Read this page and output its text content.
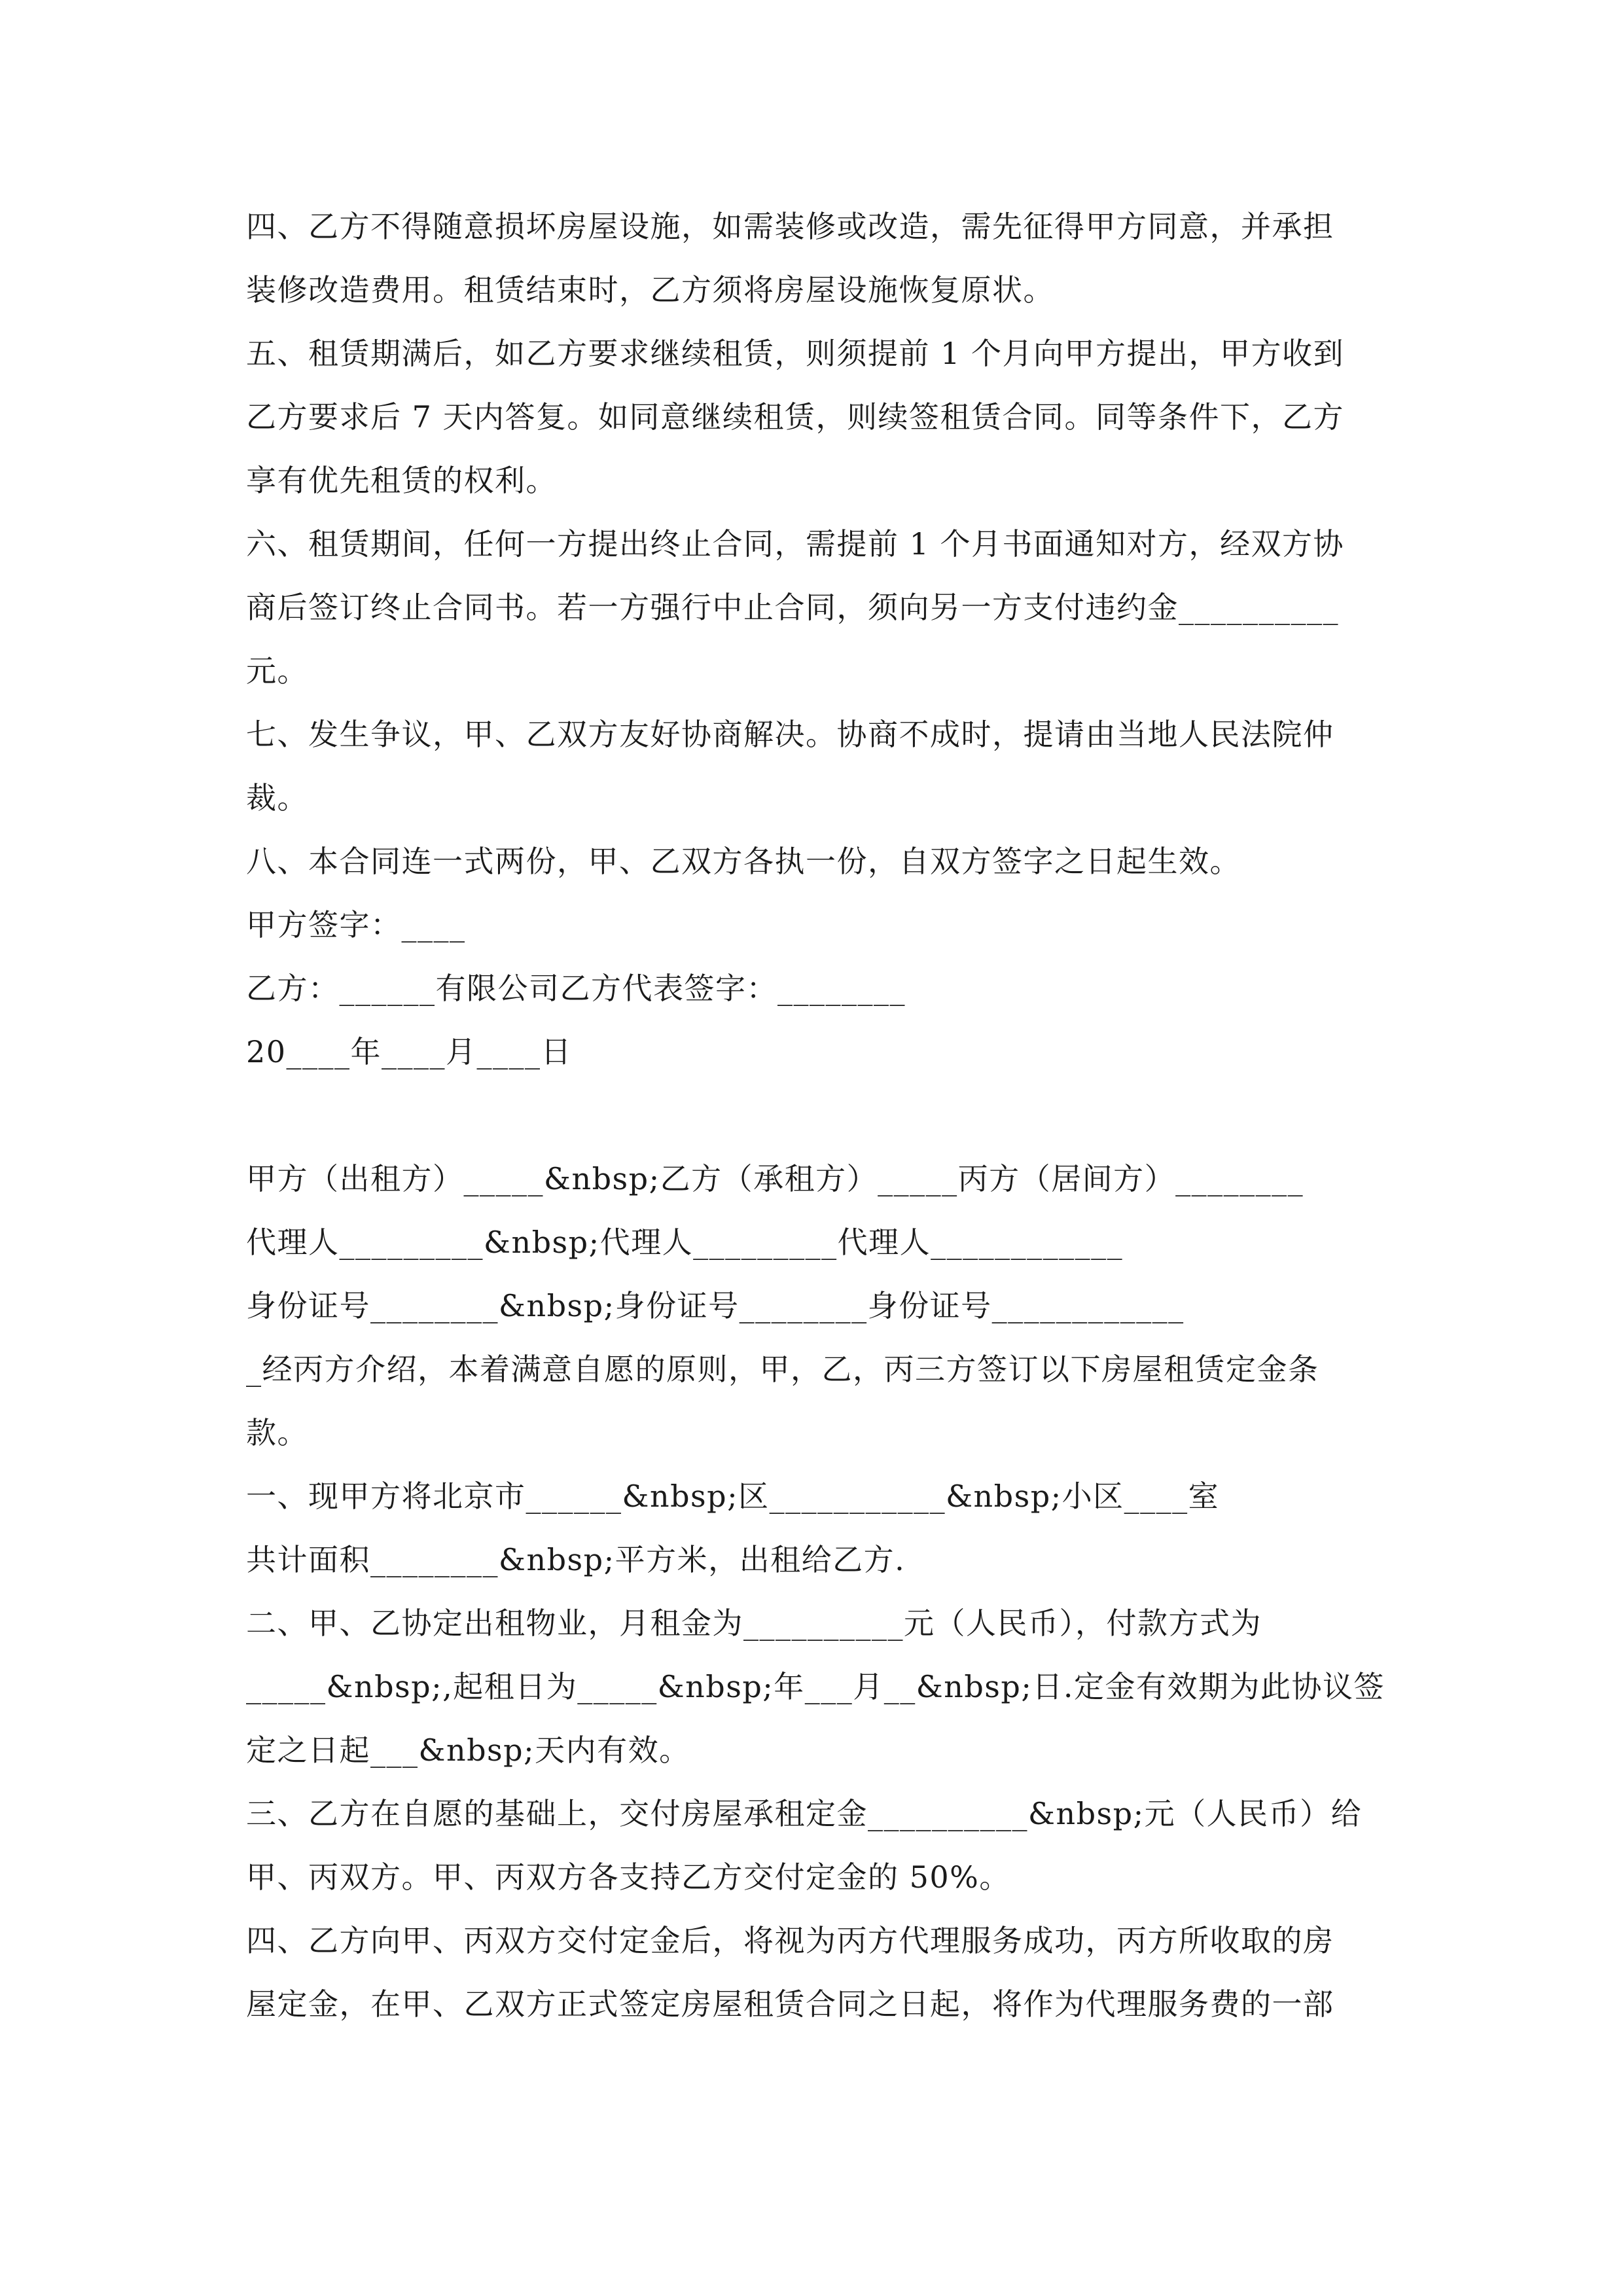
四、乙方不得随意损坏房屋设施，如需装修或改造，需先征得甲方同意，并承担
装修改造费用。租赁结束时，乙方须将房屋设施恢复原状。
五、租赁期满后，如乙方要求继续租赁，则须提前 1 个月向甲方提出，甲方收到
乙方要求后 7 天内答复。如同意继续租赁，则续签租赁合同。同等条件下，乙方
享有优先租赁的权利。
六、租赁期间，任何一方提出终止合同，需提前 1 个月书面通知对方，经双方协
商后签订终止合同书。若一方强行中止合同，须向另一方支付违约金__________
元。
七、发生争议，甲、乙双方友好协商解决。协商不成时，提请由当地人民法院仲
裁。
八、本合同连一式两份，甲、乙双方各执一份，自双方签字之日起生效。
甲方签字：____
乙方：______有限公司乙方代表签字：________
20____年____月____日
甲方（出租方）_____&nbsp;乙方（承租方）_____丙方（居间方）________
代理人_________&nbsp;代理人_________代理人____________
身份证号________&nbsp;身份证号________身份证号____________
_经丙方介绍，本着满意自愿的原则，甲，乙，丙三方签订以下房屋租赁定金条
款。
一、现甲方将北京市______&nbsp;区___________&nbsp;小区____室
共计面积________&nbsp;平方米，出租给乙方.
二、甲、乙协定出租物业，月租金为__________元（人民币），付款方式为
_____&nbsp;,起租日为_____&nbsp;年___月__&nbsp;日.定金有效期为此协议签
定之日起___&nbsp;天内有效。
三、乙方在自愿的基础上，交付房屋承租定金__________&nbsp;元（人民币）给
甲、丙双方。甲、丙双方各支持乙方交付定金的 50%。
四、乙方向甲、丙双方交付定金后，将视为丙方代理服务成功，丙方所收取的房
屋定金，在甲、乙双方正式签定房屋租赁合同之日起，将作为代理服务费的一部
